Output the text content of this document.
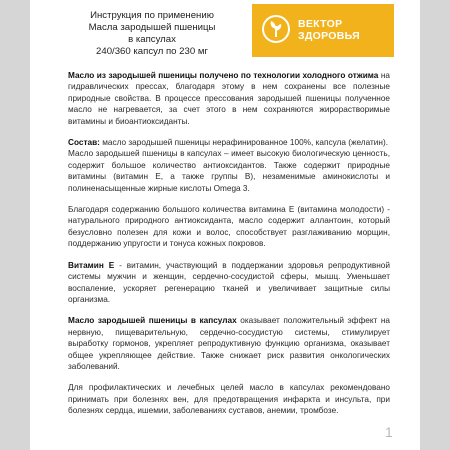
Инструкция по применению
Масла зародышей пшеницы
в капсулах
240/360 капсул по 230 мг
ВЕКТОР
ЗДОРОВЬЯ

Масло из зародышей пшеницы получено по технологии холодного отжима на гидравлических прессах, благодаря этому в нем сохранены все полезные природные свойства. В процессе прессования зародышей пшеницы полученное масло не нагревается, за счет этого в нем сохраняются жирорастворимые витамины и биоантиоксиданты.

Состав: масло зародышей пшеницы нерафинированное 100%, капсула (желатин).

Масло зародышей пшеницы в капсулах – имеет высокую биологическую ценность, содержит большое количество антиоксидантов. Также содержит природные витамины (витамин Е, а также группы В), незаменимые аминокислоты и полиненасыщенные жирные кислоты Omega 3.

Благодаря содержанию большого количества витамина Е (витамина молодости) - натурального природного антиоксиданта, масло содержит аллантоин, который безусловно полезен для кожи и волос, способствует разглаживанию морщин, поддержанию упругости и тонуса кожных покровов.

Витамин Е - витамин, участвующий в поддержании здоровья репродуктивной системы мужчин и женщин, сердечно-сосудистой сферы, мышц. Уменьшает воспаление, ускоряет регенерацию тканей и увеличивает защитные силы организма.

Масло зародышей пшеницы в капсулах оказывает положительный эффект на нервную, пищеварительную, сердечно-сосудистую системы, стимулирует выработку гормонов, укрепляет репродуктивную функцию организма, оказывает общее укрепляющее действие. Также снижает риск развития онкологических заболеваний.

Для профилактических и лечебных целей масло в капсулах рекомендовано принимать при болезнях вен, для предотвращения инфаркта и инсульта, при болезнях сердца, ишемии, заболеваниях суставов, анемии, тромбозе.

1
